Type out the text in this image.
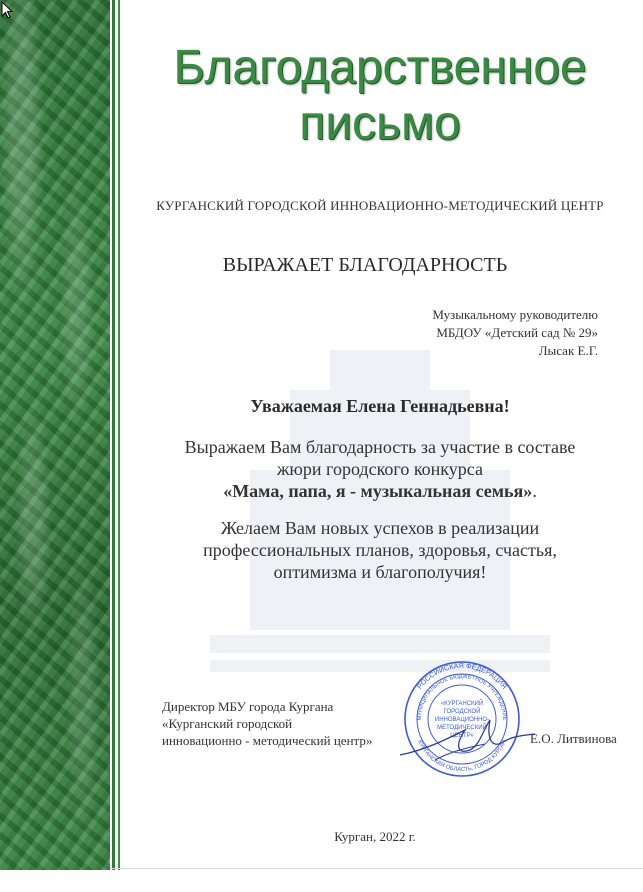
Благодарственное
письмо
КУРГАНСКИЙ ГОРОДСКОЙ ИННОВАЦИОННО-МЕТОДИЧЕСКИЙ ЦЕНТР
ВЫРАЖАЕТ БЛАГОДАРНОСТЬ
Музыкальному руководителю
МБДОУ «Детский сад № 29»
Лысак Е.Г.
Уважаемая Елена Геннадьевна!
Выражаем Вам благодарность за участие в составе
жюри городского конкурса
«Мама, папа, я - музыкальная семья».
Желаем Вам новых успехов в реализации
профессиональных планов, здоровья, счастья,
оптимизма и благополучия!
Директор МБУ города Кургана
«Курганский городской
инновационно - методический центр»
РОССИЙСКАЯ ФЕДЕРАЦИЯ
МУНИЦИПАЛЬНОЕ БЮДЖЕТНОЕ УЧРЕЖДЕНИЕ
КУРГАНСКАЯ ОБЛАСТЬ, ГОРОД КУРГАН
«КУРГАНСКИЙ
ГОРОДСКОЙ
ИННОВАЦИОННО-
МЕТОДИЧЕСКИЙ
ЦЕНТР»	Е.О. Литвинова
Курган, 2022 г.
